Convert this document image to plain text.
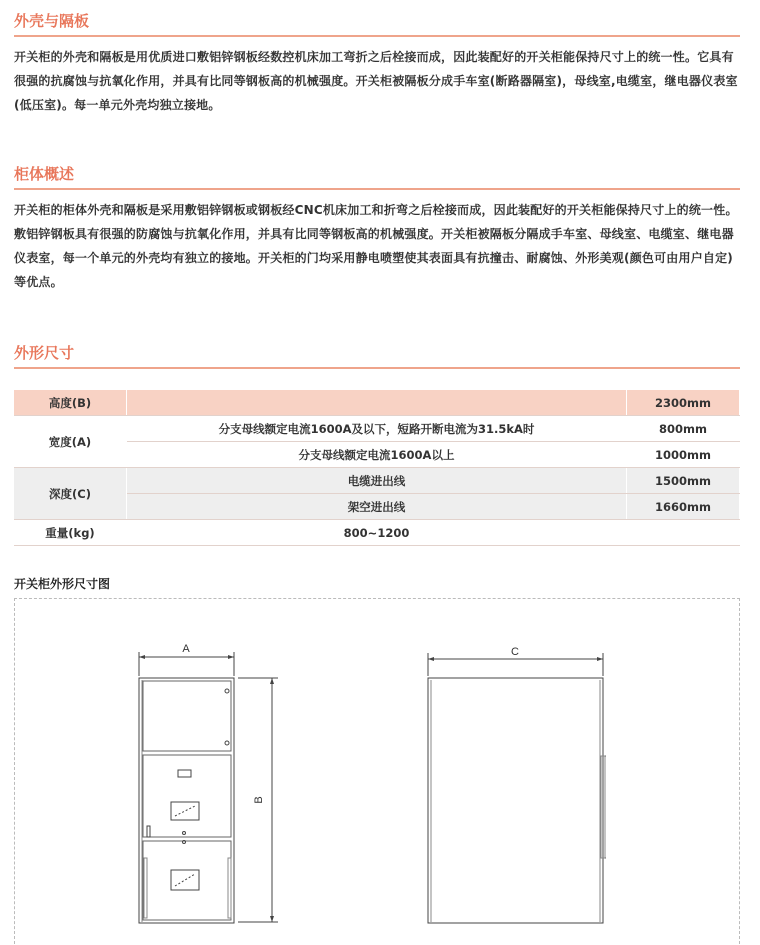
外壳与隔板
开关柜的外壳和隔板是用优质进口敷铝锌钢板经数控机床加工弯折之后栓接而成，因此装配好的开关柜能保持尺寸上的统一性。它具有很强的抗腐蚀与抗氧化作用，并具有比同等钢板高的机械强度。开关柜被隔板分成手车室(断路器隔室)，母线室,电缆室，继电器仪表室(低压室)。每一单元外壳均独立接地。
柜体概述
开关柜的柜体外壳和隔板是采用敷铝锌钢板或钢板经CNC机床加工和折弯之后栓接而成，因此装配好的开关柜能保持尺寸上的统一性。敷铝锌钢板具有很强的防腐蚀与抗氧化作用，并具有比同等钢板高的机械强度。开关柜被隔板分隔成手车室、母线室、电缆室、继电器仪表室，每一个单元的外壳均有独立的接地。开关柜的门均采用静电喷塑使其表面具有抗撞击、耐腐蚀、外形美观(颜色可由用户自定)等优点。
外形尺寸
高度(B)		2300mm
宽度(A)	分支母线额定电流1600A及以下，短路开断电流为31.5kA时	800mm
	分支母线额定电流1600A以上	1000mm
深度(C)	电缆进出线	1500mm
	架空进出线	1660mm
重量(kg)	800~1200	
开关柜外形尺寸图
A
B
C
